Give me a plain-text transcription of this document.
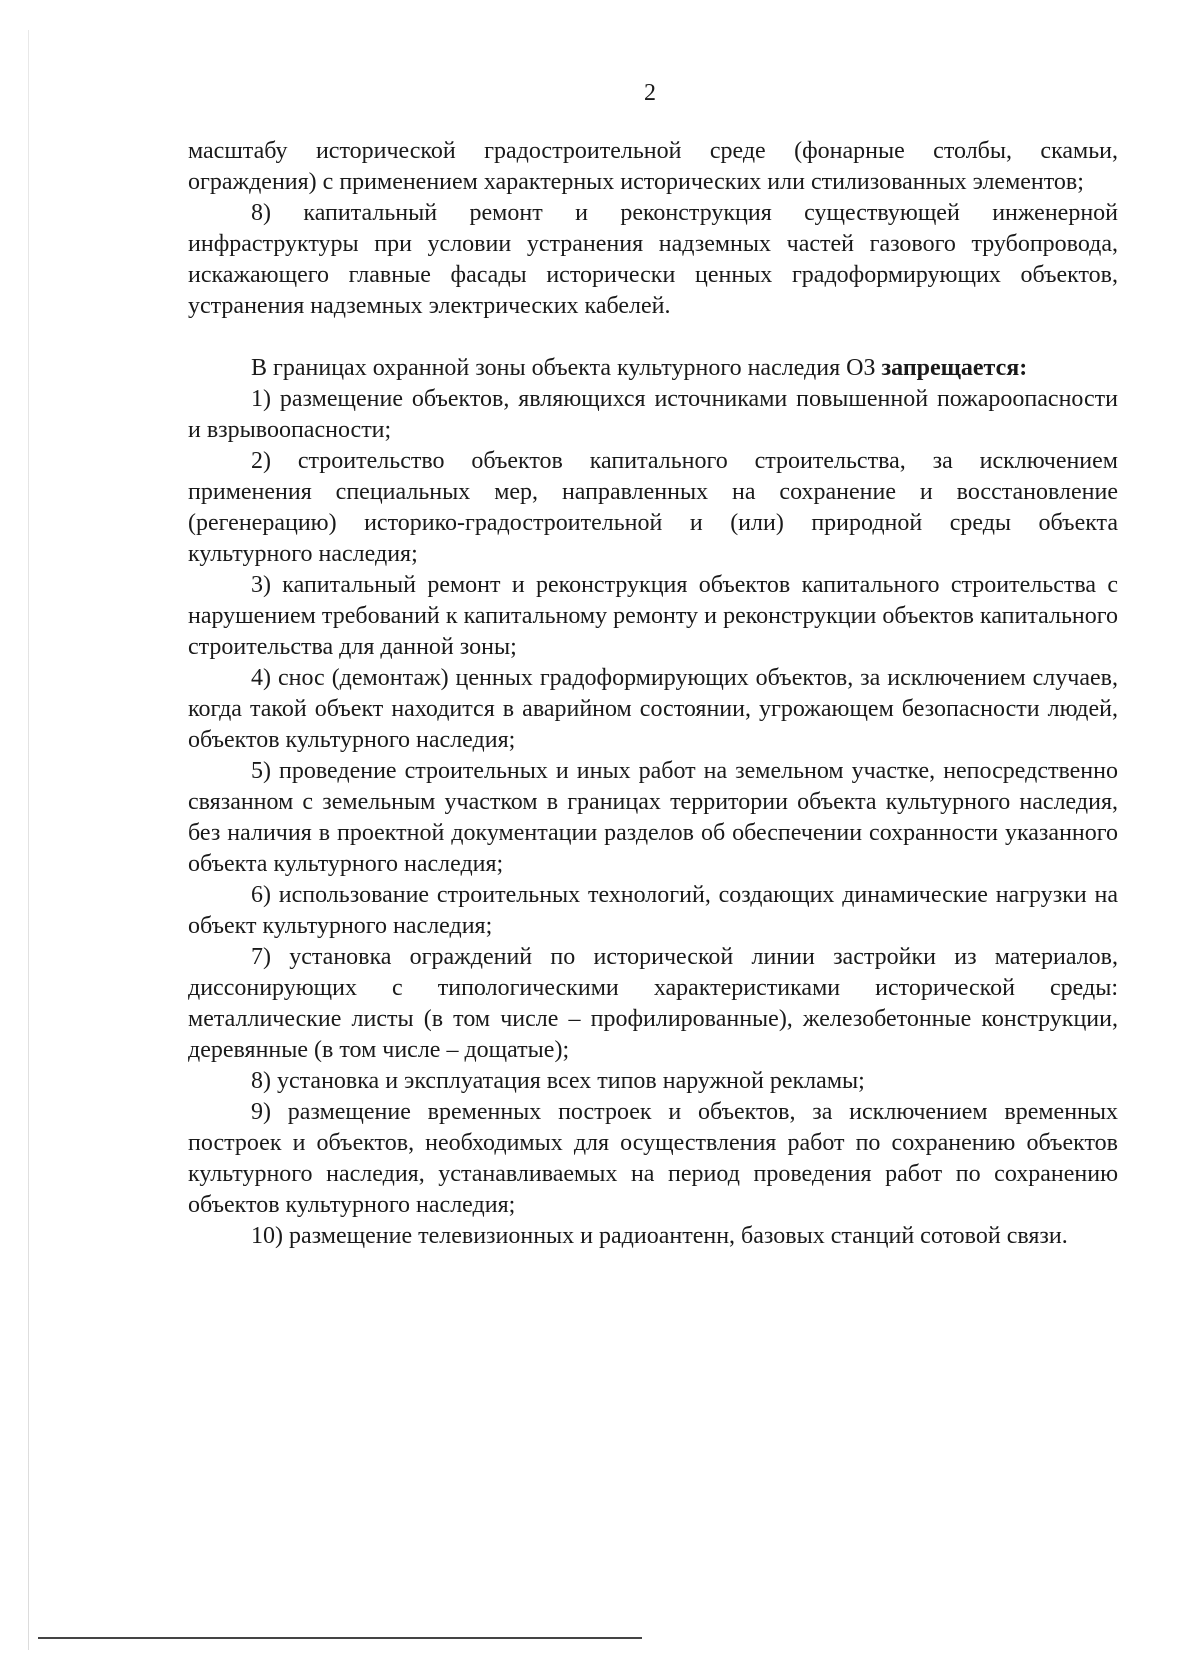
2

масштабу исторической градостроительной среде (фонарные столбы, скамьи, ограждения) с применением характерных исторических или стилизованных элементов;

8) капитальный ремонт и реконструкция существующей инженерной инфраструктуры при условии устранения надземных частей газового трубопровода, искажающего главные фасады исторически ценных градоформирующих объектов, устранения надземных электрических кабелей.

В границах охранной зоны объекта культурного наследия ОЗ запрещается:

1) размещение объектов, являющихся источниками повышенной пожароопасности и взрывоопасности;

2) строительство объектов капитального строительства, за исключением применения специальных мер, направленных на сохранение и восстановление (регенерацию) историко-градостроительной и (или) природной среды объекта культурного наследия;

3) капитальный ремонт и реконструкция объектов капитального строительства с нарушением требований к капитальному ремонту и реконструкции объектов капитального строительства для данной зоны;

4) снос (демонтаж) ценных градоформирующих объектов, за исключением случаев, когда такой объект находится в аварийном состоянии, угрожающем безопасности людей, объектов культурного наследия;

5) проведение строительных и иных работ на земельном участке, непосредственно связанном с земельным участком в границах территории объекта культурного наследия, без наличия в проектной документации разделов об обеспечении сохранности указанного объекта культурного наследия;

6) использование строительных технологий, создающих динамические нагрузки на объект культурного наследия;

7) установка ограждений по исторической линии застройки из материалов, диссонирующих с типологическими характеристиками исторической среды: металлические листы (в том числе – профилированные), железобетонные конструкции, деревянные (в том числе – дощатые);

8) установка и эксплуатация всех типов наружной рекламы;

9) размещение временных построек и объектов, за исключением временных построек и объектов, необходимых для осуществления работ по сохранению объектов культурного наследия, устанавливаемых на период проведения работ по сохранению объектов культурного наследия;

10) размещение телевизионных и радиоантенн, базовых станций сотовой связи.
